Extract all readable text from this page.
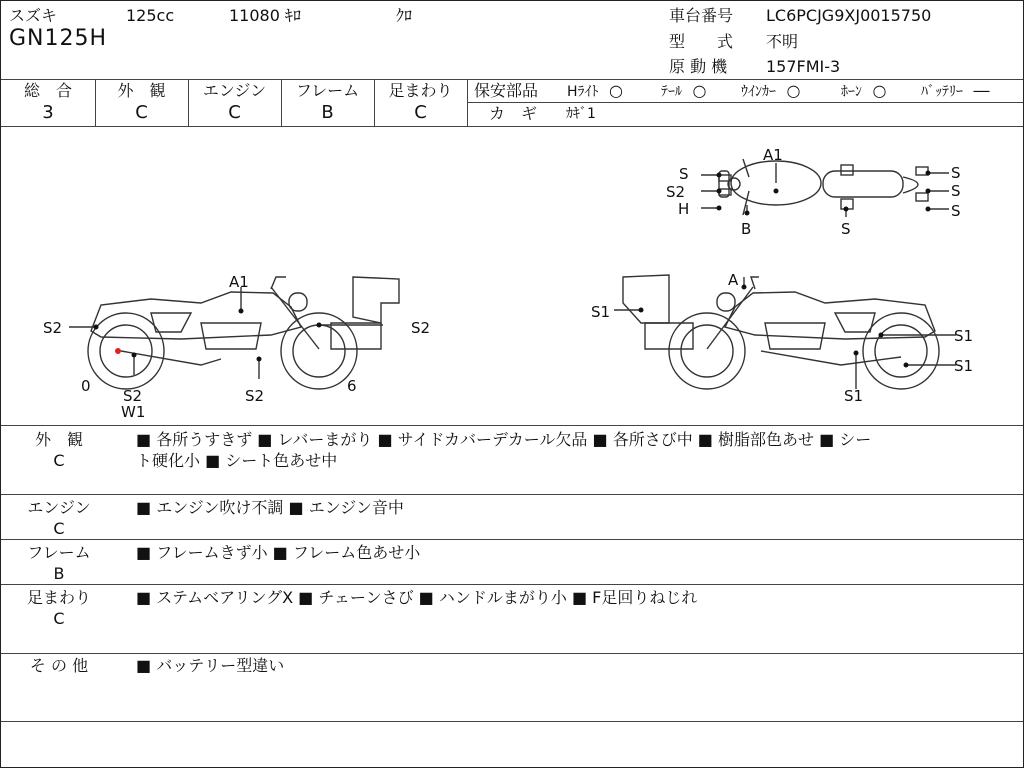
スズキ	125cc	11080 ｷﾛ	ｸﾛ
GN125H
車台番号 LC6PCJG9XJ0015750
型　　式 不明
原 動 機 157FMI-3
総　合
3
外　観
C
エンジン
C
フレーム
B
足まわり
C
保安部品 Hﾗｲﾄ ○	ﾃｰﾙ ○ ｳｲﾝｶｰ ○	ﾎｰﾝ ○ ﾊﾞｯﾃﾘｰ ―
カ　ギ ｶｷﾞ1
A1
S
S2
H
B	S
S
S
S
A1
S2	S2
0
S2
W1
S2
6
A
S1
S1
S1
S1
外　観
C
■ 各所うすきず ■ レバーまがり ■ サイドカバーデカール欠品 ■ 各所さび中 ■ 樹脂部色あせ ■ シー
ト硬化小 ■ シート色あせ中
エンジン
C
■ エンジン吹け不調 ■ エンジン音中
フレーム
B
■ フレームきず小 ■ フレーム色あせ小
足まわり
C
■ ステムベアリングX ■ チェーンさび ■ ハンドルまがり小 ■ F足回りねじれ
そ の 他	■ バッテリー型違い
